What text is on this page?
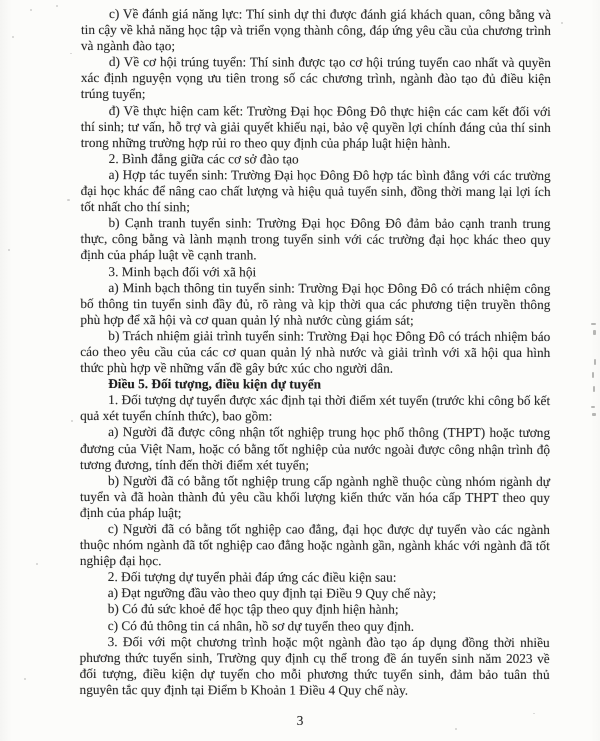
c) Về đánh giá năng lực: Thí sinh dự thi được đánh giá khách quan, công bằng và tin cậy về khả năng học tập và triển vọng thành công, đáp ứng yêu cầu của chương trình và ngành đào tạo;

d) Về cơ hội trúng tuyển: Thí sinh được tạo cơ hội trúng tuyển cao nhất và quyền xác định nguyện vọng ưu tiên trong số các chương trình, ngành đào tạo đủ điều kiện trúng tuyển;

đ) Về thực hiện cam kết: Trường Đại học Đông Đô thực hiện các cam kết đối với thí sinh; tư vấn, hỗ trợ và giải quyết khiếu nại, bảo vệ quyền lợi chính đáng của thí sinh trong những trường hợp rủi ro theo quy định của pháp luật hiện hành.

2. Bình đẳng giữa các cơ sở đào tạo

a) Hợp tác tuyển sinh: Trường Đại học Đông Đô hợp tác bình đẳng với các trường đại học khác để nâng cao chất lượng và hiệu quả tuyển sinh, đồng thời mang lại lợi ích tốt nhất cho thí sinh;

b) Cạnh tranh tuyển sinh: Trường Đại học Đông Đô đảm bảo cạnh tranh trung thực, công bằng và lành mạnh trong tuyển sinh với các trường đại học khác theo quy định của pháp luật về cạnh tranh.

3. Minh bạch đối với xã hội

a) Minh bạch thông tin tuyển sinh: Trường Đại học Đông Đô có trách nhiệm công bố thông tin tuyển sinh đầy đủ, rõ ràng và kịp thời qua các phương tiện truyền thông phù hợp để xã hội và cơ quan quản lý nhà nước cùng giám sát;

b) Trách nhiệm giải trình tuyển sinh: Trường Đại học Đông Đô có trách nhiệm báo cáo theo yêu cầu của các cơ quan quản lý nhà nước và giải trình với xã hội qua hình thức phù hợp về những vấn đề gây bức xúc cho người dân.

Điều 5. Đối tượng, điều kiện dự tuyển

1. Đối tượng dự tuyển được xác định tại thời điểm xét tuyển (trước khi công bố kết quả xét tuyển chính thức), bao gồm:

a) Người đã được công nhận tốt nghiệp trung học phổ thông (THPT) hoặc tương đương của Việt Nam, hoặc có bằng tốt nghiệp của nước ngoài được công nhận trình độ tương đương, tính đến thời điểm xét tuyển;

b) Người đã có bằng tốt nghiệp trung cấp ngành nghề thuộc cùng nhóm ngành dự tuyển và đã hoàn thành đủ yêu cầu khối lượng kiến thức văn hóa cấp THPT theo quy định của pháp luật;

c) Người đã có bằng tốt nghiệp cao đẳng, đại học được dự tuyển vào các ngành thuộc nhóm ngành đã tốt nghiệp cao đẳng hoặc ngành gần, ngành khác với ngành đã tốt nghiệp đại học.

2. Đối tượng dự tuyển phải đáp ứng các điều kiện sau:

a) Đạt ngưỡng đầu vào theo quy định tại Điều 9 Quy chế này;

b) Có đủ sức khoẻ để học tập theo quy định hiện hành;

c) Có đủ thông tin cá nhân, hồ sơ dự tuyển theo quy định.

3. Đối với một chương trình hoặc một ngành đào tạo áp dụng đồng thời nhiều phương thức tuyển sinh, Trường quy định cụ thể trong đề án tuyển sinh năm 2023 về đối tượng, điều kiện dự tuyển cho mỗi phương thức tuyển sinh, đảm bảo tuân thủ nguyên tắc quy định tại Điểm b Khoản 1 Điều 4 Quy chế này.

3
